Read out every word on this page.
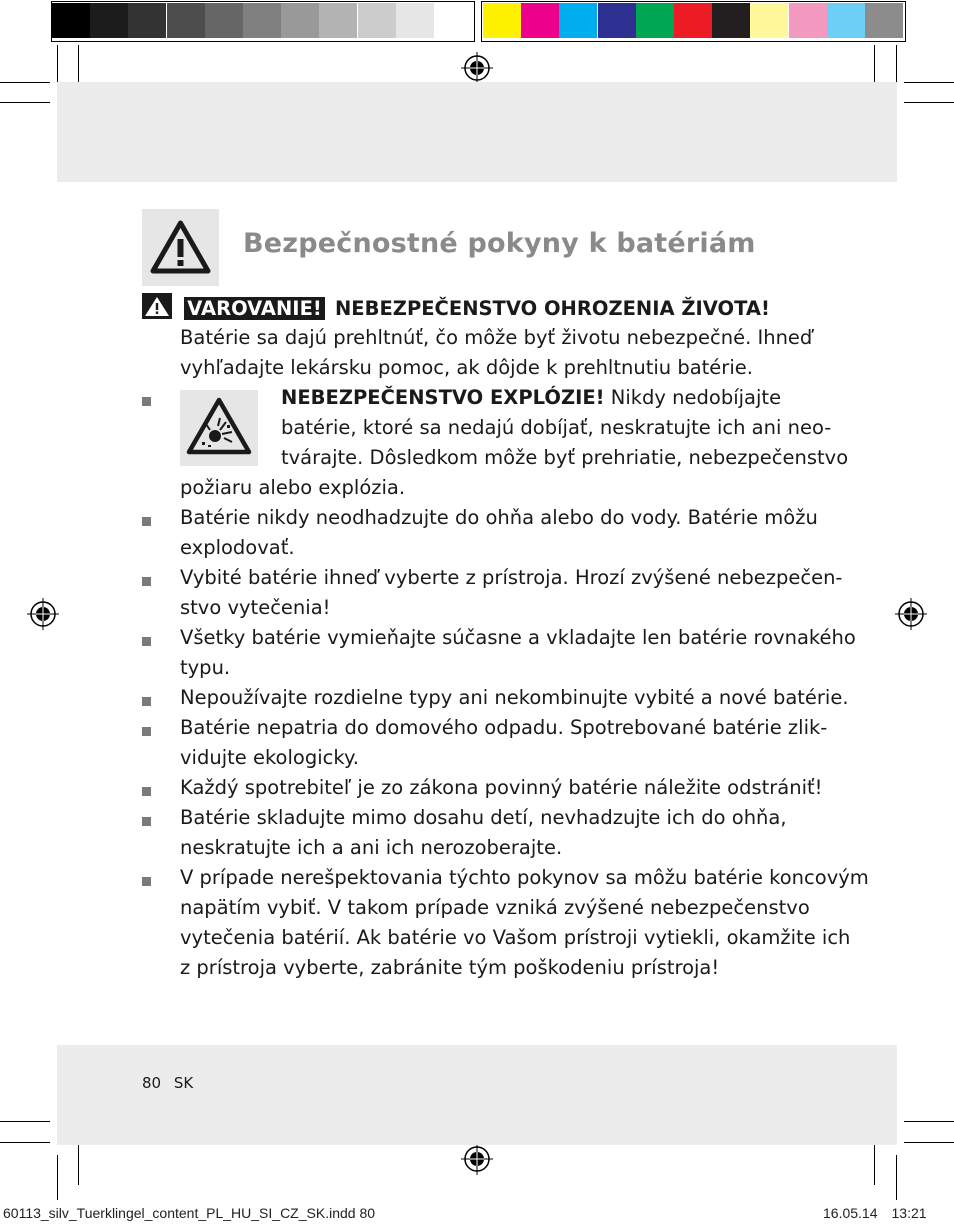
Bezpečnostné pokyny k batériám
VAROVANIE! NEBEZPEČENSTVO OHROZENIA ŽIVOTA!
Batérie sa dajú prehltnúť, čo môže byť životu nebezpečné. Ihneď
vyhľadajte lekársku pomoc, ak dôjde k prehltnutiu batérie.
NEBEZPEČENSTVO EXPLÓZIE! Nikdy nedobíjajte
batérie, ktoré sa nedajú dobíjať, neskratujte ich ani neo-
tvárajte. Dôsledkom môže byť prehriatie, nebezpečenstvo
požiaru alebo explózia.
Batérie nikdy neodhadzujte do ohňa alebo do vody. Batérie môžu
explodovať.
Vybité batérie ihneď vyberte z prístroja. Hrozí zvýšené nebezpečen-
stvo vytečenia!
Všetky batérie vymieňajte súčasne a vkladajte len batérie rovnakého
typu.
Nepoužívajte rozdielne typy ani nekombinujte vybité a nové batérie.
Batérie nepatria do domového odpadu. Spotrebované batérie zlik-
vidujte ekologicky.
Každý spotrebiteľ je zo zákona povinný batérie náležite odstrániť!
Batérie skladujte mimo dosahu detí, nevhadzujte ich do ohňa,
neskratujte ich a ani ich nerozoberajte.
V prípade nerešpektovania týchto pokynov sa môžu batérie koncovým
napätím vybiť. V takom prípade vzniká zvýšené nebezpečenstvo
vytečenia batérií. Ak batérie vo Vašom prístroji vytiekli, okamžite ich
z prístroja vyberte, zabránite tým poškodeniu prístroja!
80 SK
60113_silv_Tuerklingel_content_PL_HU_SI_CZ_SK.indd 80	16.05.14 13:21
